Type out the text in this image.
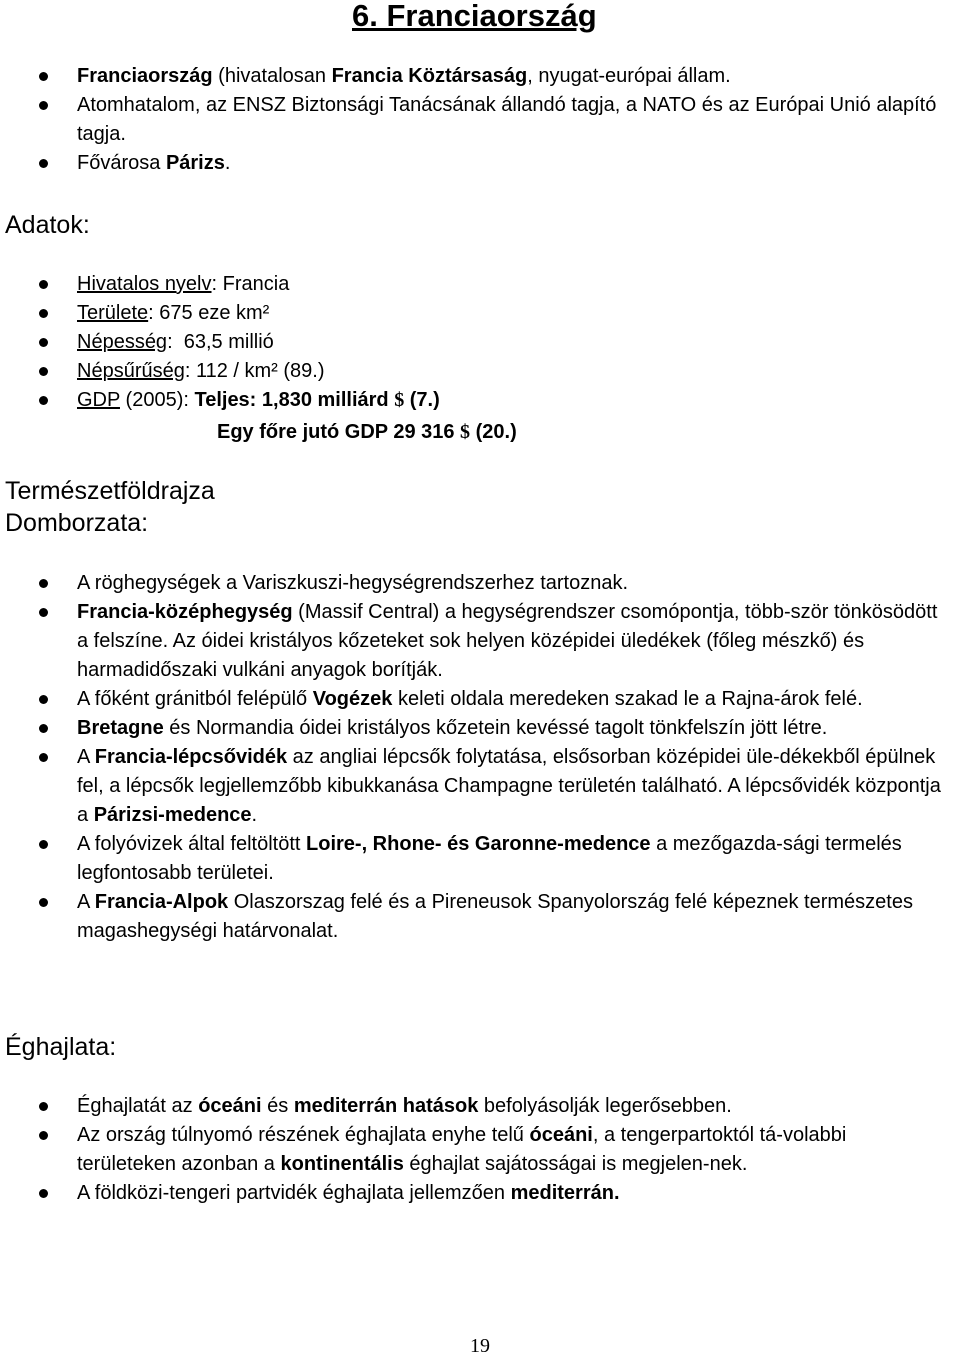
6. Franciaország
Franciaország (hivatalosan Francia Köztársaság, nyugat-európai állam.
Atomhatalom, az ENSZ Biztonsági Tanácsának állandó tagja, a NATO és az Európai Unió alapító tagja.
Fővárosa Párizs.
Adatok:
Hivatalos nyelv: Francia
Területe: 675 eze km²
Népesség:  63,5 millió
Népsűrűség: 112 / km² (89.)
GDP (2005): Teljes: 1,830 milliárd $ (7.)
Egy főre jutó GDP 29 316 $ (20.)
Természetföldrajza
Domborzata:
A röghegységek a Variszkuszi-hegységrendszerhez tartoznak.
Francia-középhegység (Massif Central) a hegységrendszer csomópontja, több-ször tönkösödött a felszíne. Az óidei kristályos kőzeteket sok helyen középidei üledékek (főleg mészkő) és harmadidőszaki vulkáni anyagok borítják.
A főként gránitból felépülő Vogézek keleti oldala meredeken szakad le a Rajna-árok felé.
Bretagne és Normandia óidei kristályos kőzetein kevéssé tagolt tönkfelszín jött létre.
A Francia-lépcsővidék az angliai lépcsők folytatása, elsősorban középidei üle-dékekből épülnek fel, a lépcsők legjellemzőbb kibukkanása Champagne területén található. A lépcsővidék központja a Párizsi-medence.
A folyóvizek által feltöltött Loire-, Rhone- és Garonne-medence a mezőgazda-sági termelés legfontosabb területei.
A Francia-Alpok Olaszorszag felé és a Pireneusok Spanyolország felé képeznek természetes magashegységi határvonalat.
Éghajlata:
Éghajlatát az óceáni és mediterrán hatások befolyásolják legerősebben.
Az ország túlnyomó részének éghajlata enyhe telű óceáni, a tengerpartoktól tá-volabbi területeken azonban a kontinentális éghajlat sajátosságai is megjelen-nek.
A földközi-tengeri partvidék éghajlata jellemzően mediterrán.
19
